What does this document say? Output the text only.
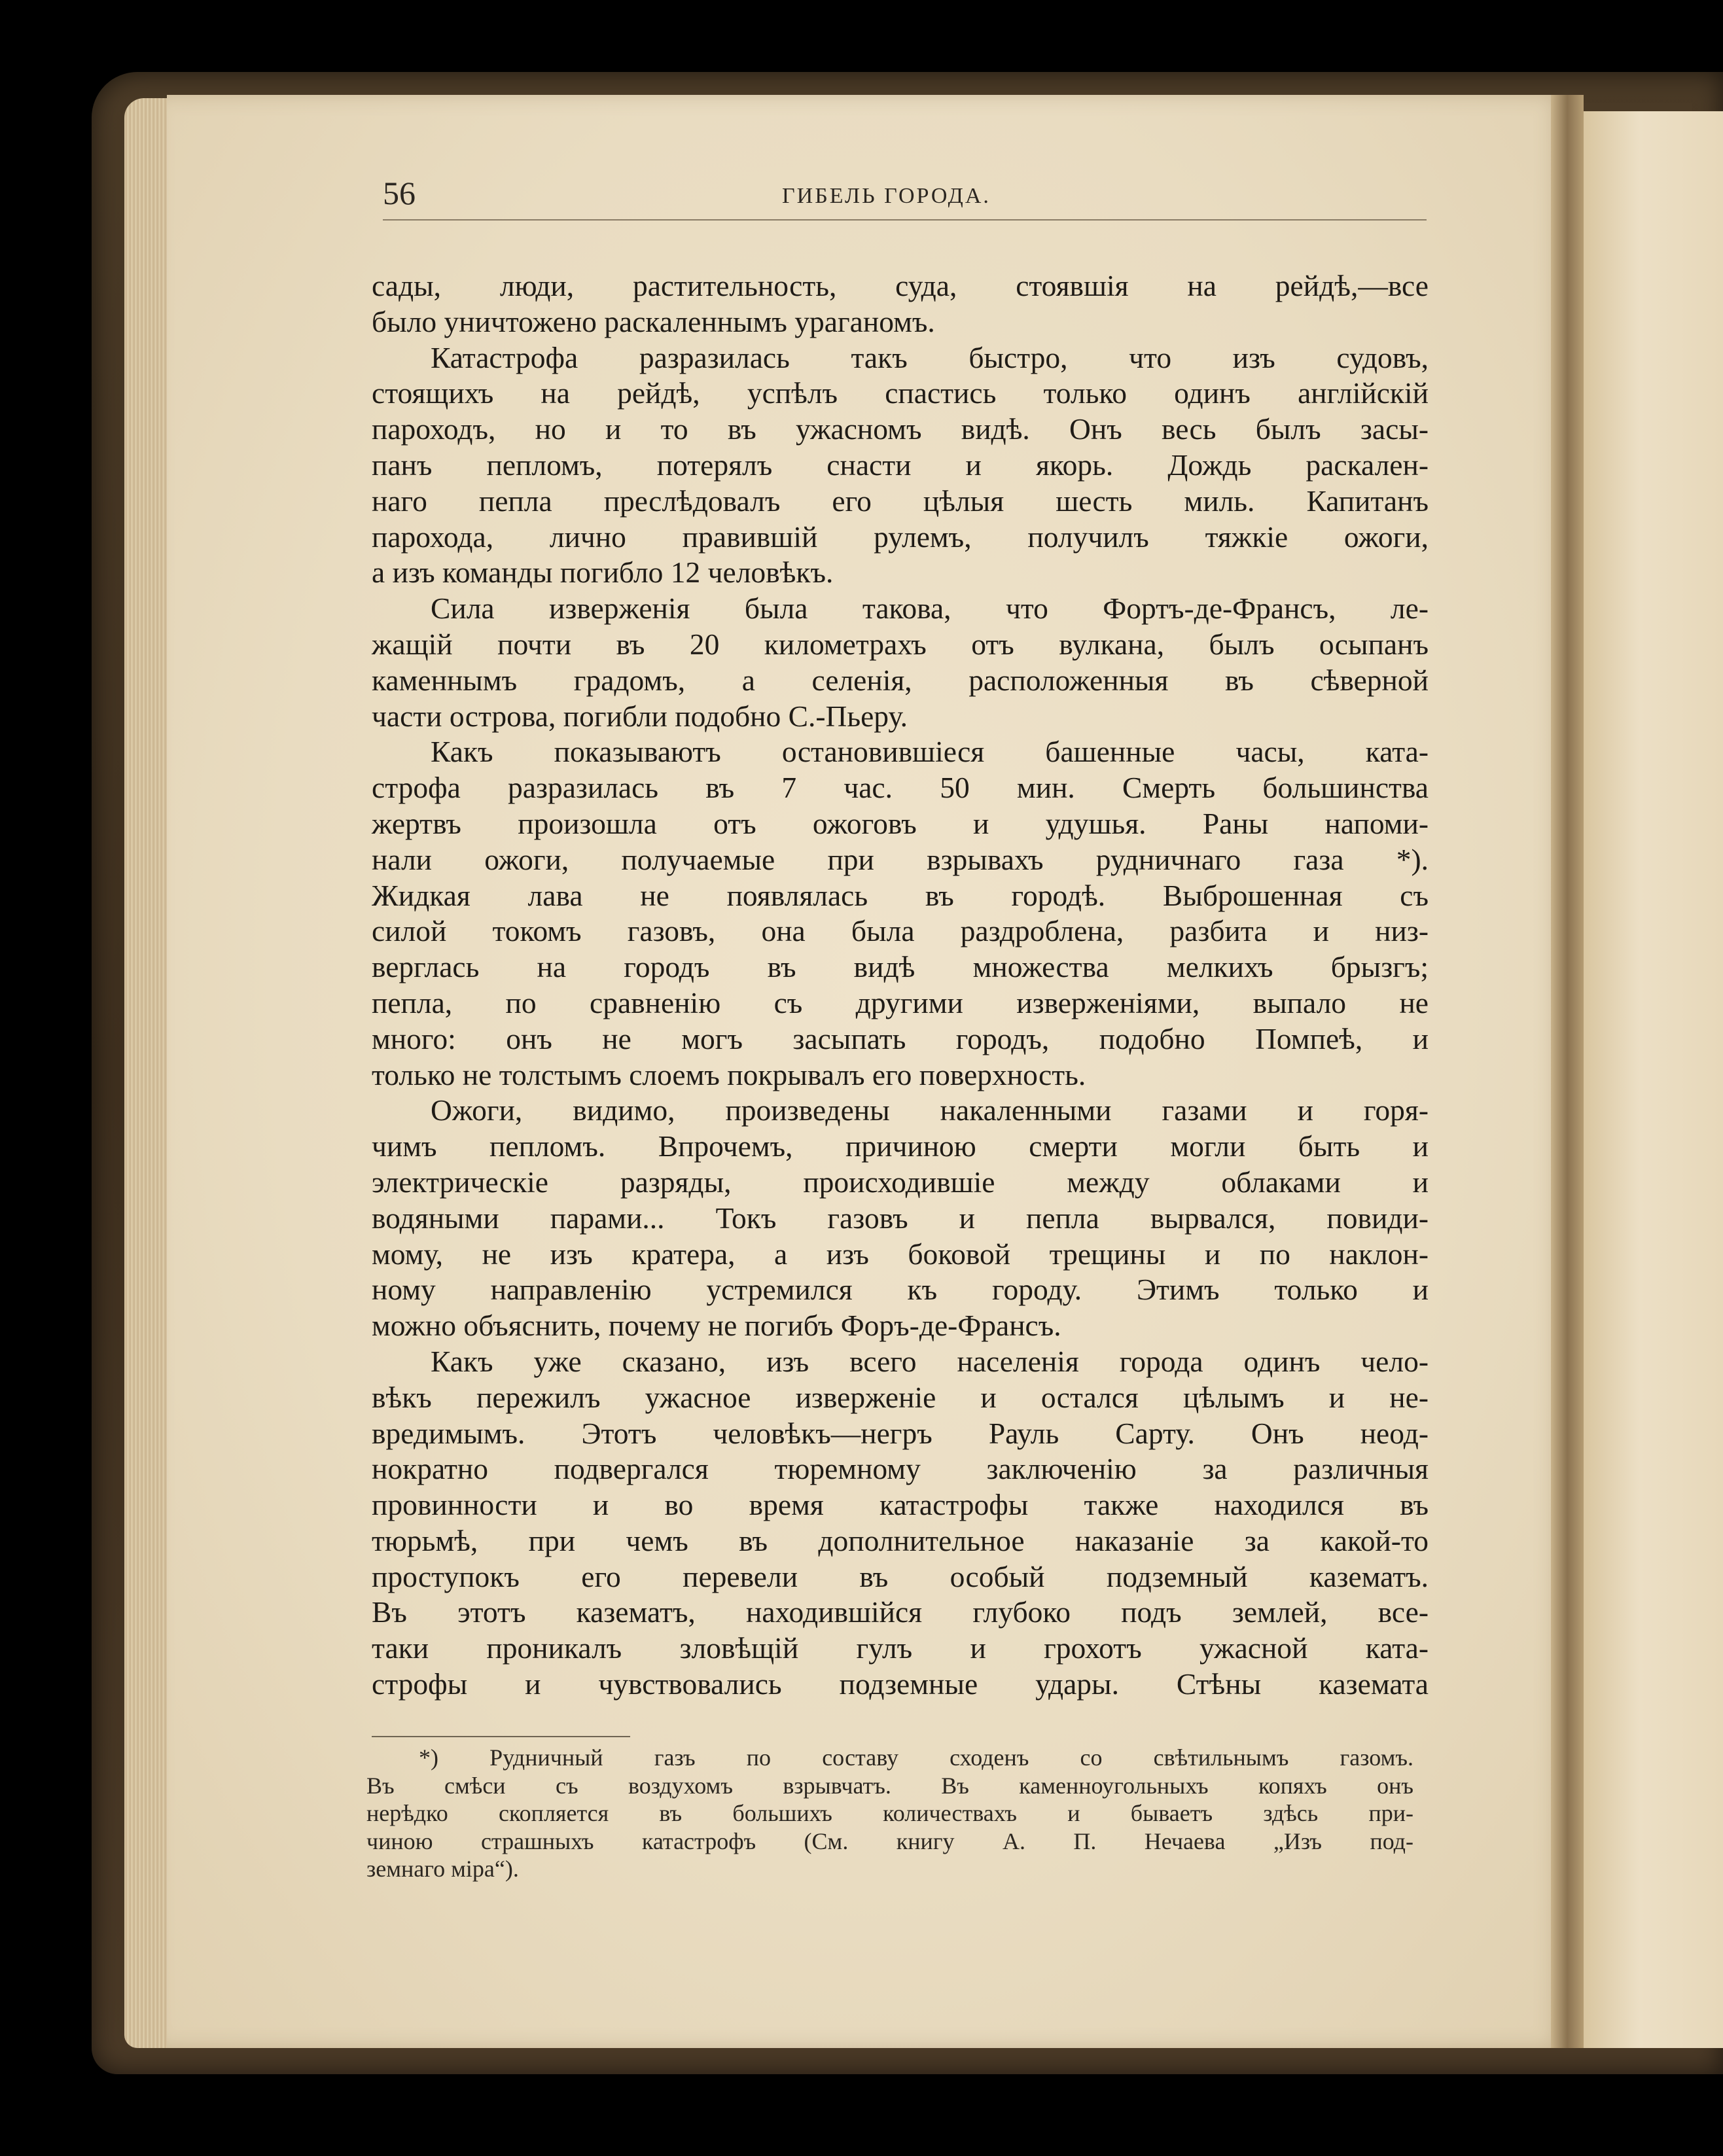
56	ГИБЕЛЬ ГОРОДА.
сады, люди, растительность, суда, стоявшія на рейдѣ,—все
было уничтожено раскаленнымъ ураганомъ.
Катастрофа разразилась такъ быстро, что изъ судовъ,
стоящихъ на рейдѣ, успѣлъ спастись только одинъ англійскій
пароходъ, но и то въ ужасномъ видѣ. Онъ весь былъ засы-
панъ пепломъ, потерялъ снасти и якорь. Дождь раскален-
наго пепла преслѣдовалъ его цѣлыя шесть миль. Капитанъ
парохода, лично правившій рулемъ, получилъ тяжкіе ожоги,
а изъ команды погибло 12 человѣкъ.
Сила изверженія была такова, что Фортъ-де-Франсъ, ле-
жащій почти въ 20 километрахъ отъ вулкана, былъ осыпанъ
каменнымъ градомъ, а селенія, расположенныя въ сѣверной
части острова, погибли подобно С.-Пьеру.
Какъ показываютъ остановившіеся башенные часы, ката-
строфа разразилась въ 7 час. 50 мин. Смерть большинства
жертвъ произошла отъ ожоговъ и удушья. Раны напоми-
нали ожоги, получаемые при взрывахъ рудничнаго газа *).
Жидкая лава не появлялась въ городѣ. Выброшенная съ
силой токомъ газовъ, она была раздроблена, разбита и низ-
верглась на городъ въ видѣ множества мелкихъ брызгъ;
пепла, по сравненію съ другими изверженіями, выпало не
много: онъ не могъ засыпать городъ, подобно Помпеѣ, и
только не толстымъ слоемъ покрывалъ его поверхность.
Ожоги, видимо, произведены накаленными газами и горя-
чимъ пепломъ. Впрочемъ, причиною смерти могли быть и
электрическіе разряды, происходившіе между облаками и
водяными парами... Токъ газовъ и пепла вырвался, повиди-
мому, не изъ кратера, а изъ боковой трещины и по наклон-
ному направленію устремился къ городу. Этимъ только и
можно объяснить, почему не погибъ Форъ-де-Франсъ.
Какъ уже сказано, изъ всего населенія города одинъ чело-
вѣкъ пережилъ ужасное изверженіе и остался цѣлымъ и не-
вредимымъ. Этотъ человѣкъ—негръ Рауль Сарту. Онъ неод-
нократно подвергался тюремному заключенію за различныя
провинности и во время катастрофы также находился въ
тюрьмѣ, при чемъ въ дополнительное наказаніе за какой-то
проступокъ его перевели въ особый подземный казематъ.
Въ этотъ казематъ, находившійся глубоко подъ землей, все-
таки проникалъ зловѣщій гулъ и грохотъ ужасной ката-
строфы и чувствовались подземные удары. Стѣны каземата
*) Рудничный газъ по составу сходенъ со свѣтильнымъ газомъ.
Въ смѣси съ воздухомъ взрывчатъ. Въ каменноугольныхъ копяхъ онъ
нерѣдко скопляется въ большихъ количествахъ и бываетъ здѣсь при-
чиною страшныхъ катастрофъ (См. книгу А. П. Нечаева „Изъ под-
земнаго міра“).
